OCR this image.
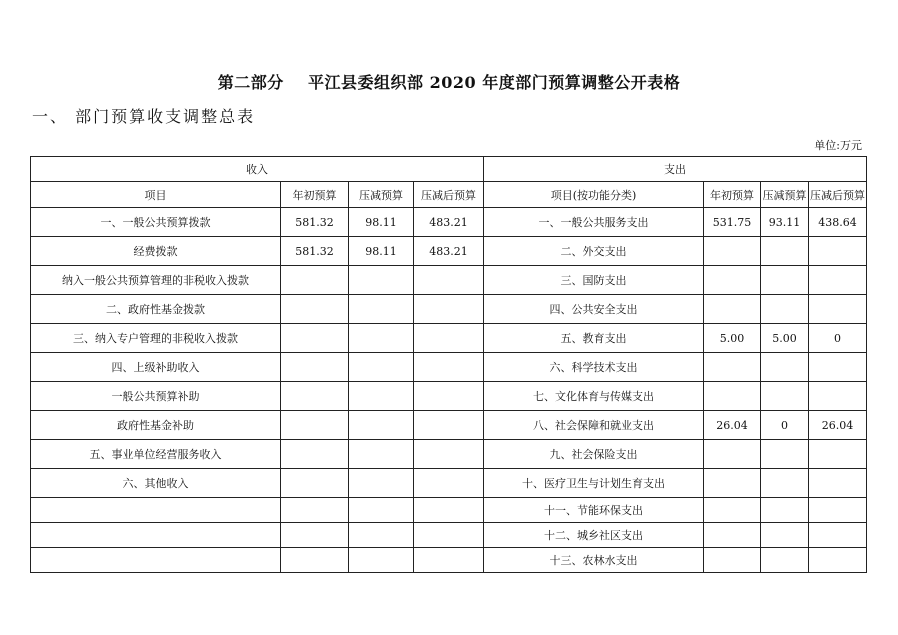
第二部分    平江县委组织部 2020 年度部门预算调整公开表格
一、 部门预算收支调整总表
单位:万元
收入				支出			
项目	年初预算	压减预算	压减后预算	项目(按功能分类)	年初预算	压减预算	压减后预算
一、一般公共预算拨款	581.32	98.11	483.21	一、一般公共服务支出	531.75	93.11	438.64
经费拨款	581.32	98.11	483.21	二、外交支出			
纳入一般公共预算管理的非税收入拨款				三、国防支出			
二、政府性基金拨款				四、公共安全支出			
三、纳入专户管理的非税收入拨款				五、教育支出	5.00	5.00	0
四、上级补助收入				六、科学技术支出			
一般公共预算补助				七、文化体育与传媒支出			
政府性基金补助				八、社会保障和就业支出	26.04	0	26.04
五、事业单位经营服务收入				九、社会保险支出			
六、其他收入				十、医疗卫生与计划生育支出			
				十一、节能环保支出			
				十二、城乡社区支出			
				十三、农林水支出			
